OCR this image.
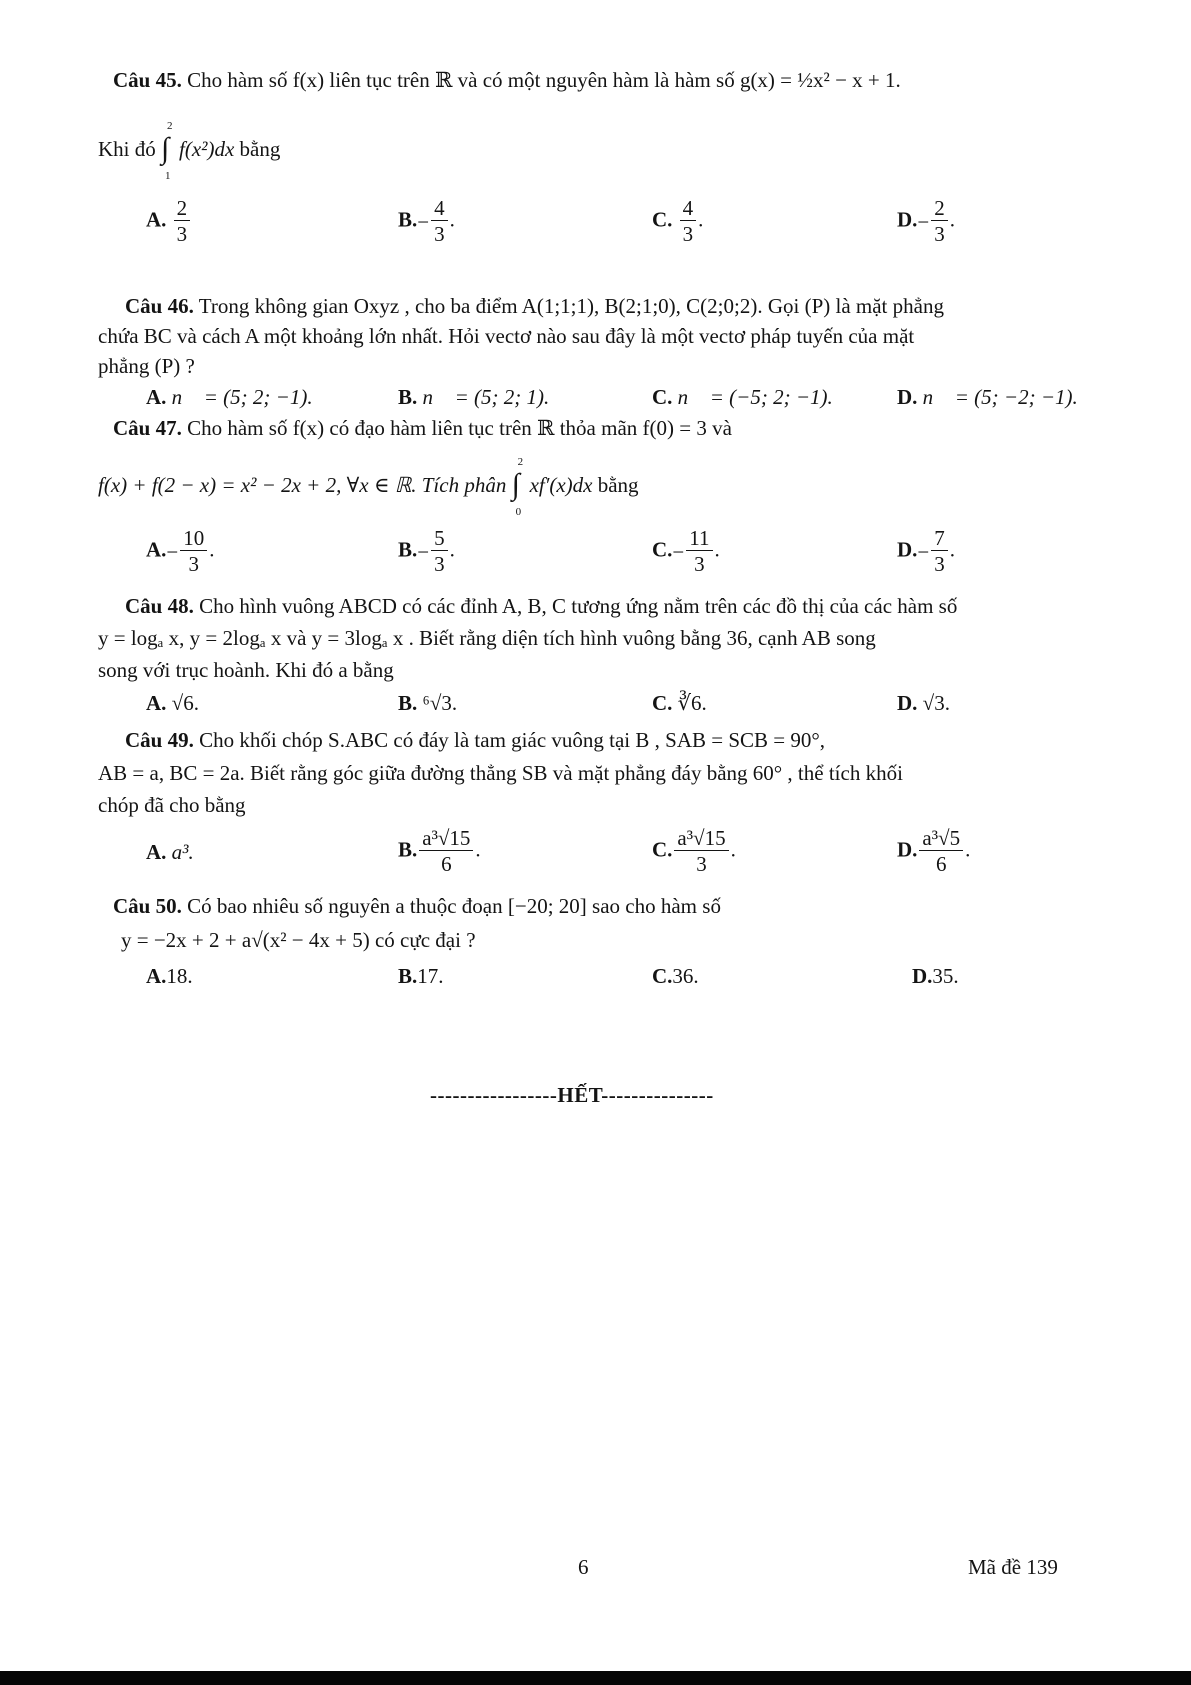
Câu 45. Cho hàm số f(x) liên tục trên ℝ và có một nguyên hàm là hàm số g(x) = ½x² − x + 1.
Khi đó
2
∫
1
f(x²)dx bằng
A. $\frac{2}{3}$	$B.- \frac{4}{3}$ .	C. $\frac{4}{3}$ .	$D.- \frac{2}{3}$ .
Câu 46. Trong không gian Oxyz , cho ba điểm A(1;1;1), B(2;1;0), C(2;0;2). Gọi (P) là mặt phẳng
chứa BC và cách A một khoảng lớn nhất. Hỏi vectơ nào sau đây là một vectơ pháp tuyến của mặt
phẳng (P) ?
A. n⃗ = (5; 2; −1).	B. n⃗ = (5; 2; 1).	C. n⃗ = (−5; 2; −1).	D. n⃗ = (5; −2; −1).
Câu 47. Cho hàm số f(x) có đạo hàm liên tục trên ℝ thỏa mãn f(0) = 3 và
f(x) + f(2 − x) = x² − 2x + 2, ∀x ∈ ℝ. Tích phân
2
∫
0
xf′(x)dx bằng
$A.- \frac{10}{3}$ .	$B.- \frac{5}{3}$ .	$C.- \frac{11}{3}$ .	$D.- \frac{7}{3}$ .
Câu 48. Cho hình vuông ABCD có các đỉnh A, B, C tương ứng nằm trên các đồ thị của các hàm số
y = logₐ x, y = 2logₐ x và y = 3logₐ x . Biết rằng diện tích hình vuông bằng 36, cạnh AB song
song với trục hoành. Khi đó a bằng
A. √6.	B. ⁶√3.	C. ∛6.	D. √3.
Câu 49. Cho khối chóp S.ABC có đáy là tam giác vuông tại B , SAB = SCB = 90°,
AB = a, BC = 2a. Biết rằng góc giữa đường thẳng SB và mặt phẳng đáy bằng 60° , thể tích khối
chóp đã cho bằng
A. a³.	B. $\frac{\text{a³√15}}{6}$ .	C. $\frac{\text{a³√15}}{3}$ .	D. $\frac{\text{a³√5}}{6}$ .
Câu 50. Có bao nhiêu số nguyên a thuộc đoạn [−20; 20] sao cho hàm số
y = −2x + 2 + a√(x² − 4x + 5) có cực đại ?
A.18.	B.17.	C.36.	D.35.
-----------------HẾT---------------
6	Mã đề 139
